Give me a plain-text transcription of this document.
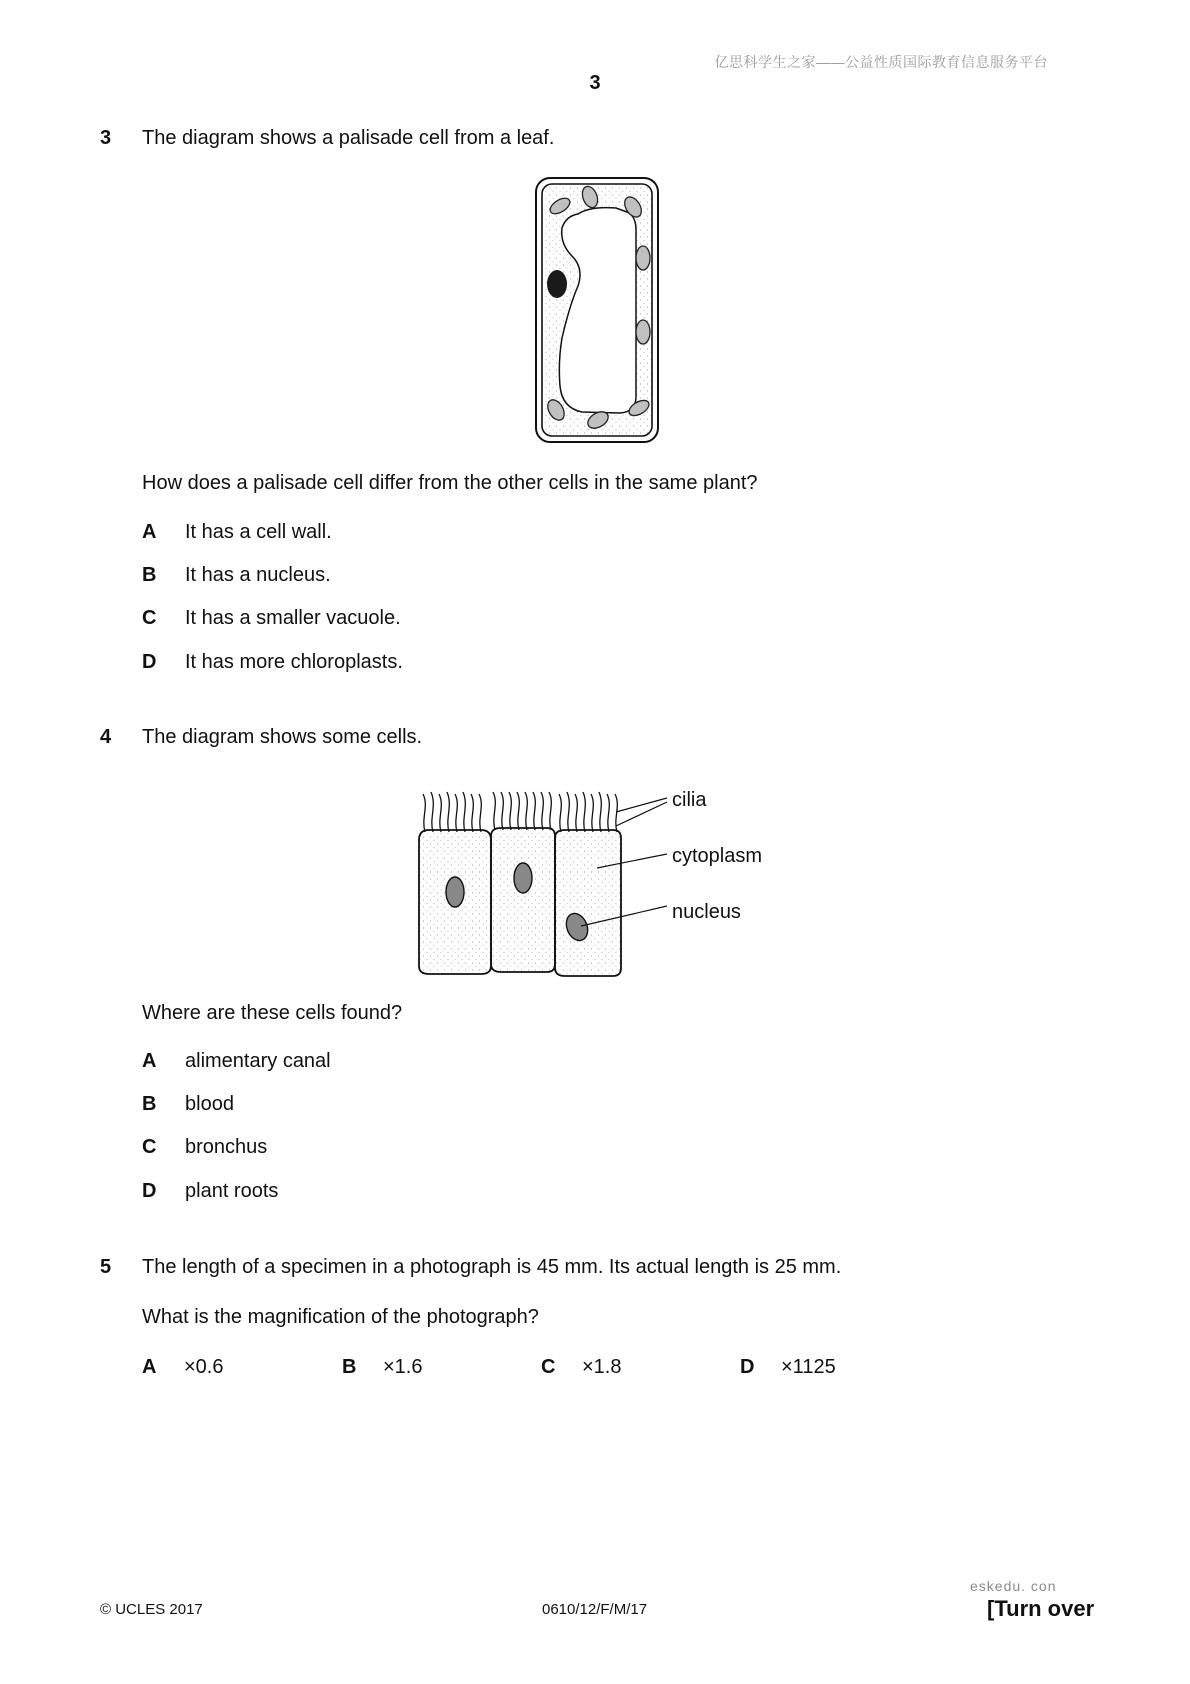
亿思科学生之家——公益性质国际教育信息服务平台
3
3 The diagram shows a palisade cell from a leaf.
How does a palisade cell differ from the other cells in the same plant?
A It has a cell wall.
B It has a nucleus.
C It has a smaller vacuole.
D It has more chloroplasts.
4 The diagram shows some cells.
cilia
cytoplasm
nucleus
Where are these cells found?
A alimentary canal
B blood
C bronchus
D plant roots
5 The length of a specimen in a photograph is 45 mm. Its actual length is 25 mm.
What is the magnification of the photograph?
A ×0.6	B ×1.6	C ×1.8	D ×1125
eskedu. con
© UCLES 2017	0610/12/F/M/17	[Turn over
